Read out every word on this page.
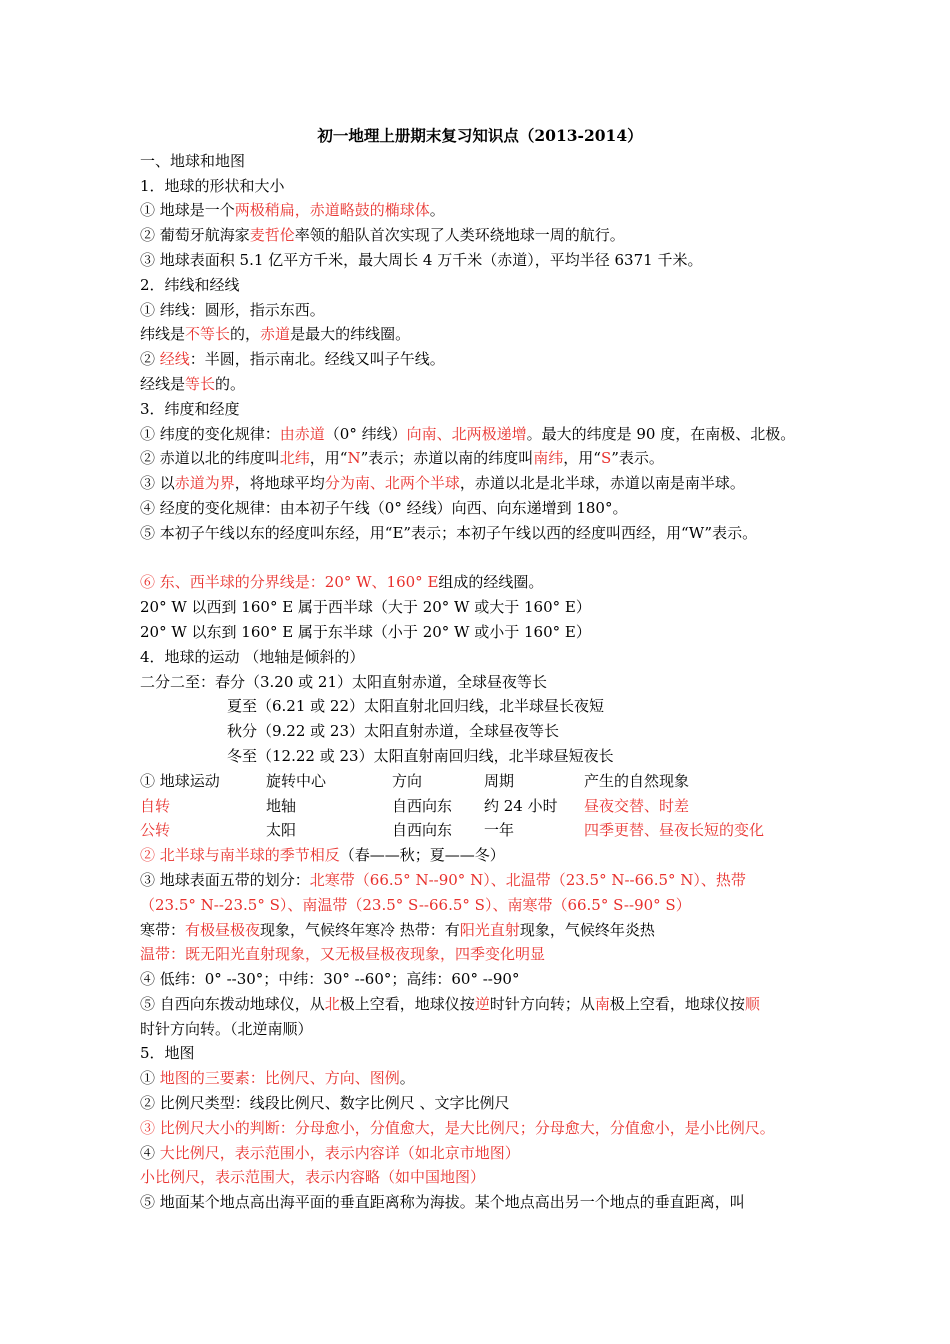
初一地理上册期末复习知识点（2013-2014）
一、地球和地图
1．地球的形状和大小
① 地球是一个两极稍扁，赤道略鼓的椭球体。
② 葡萄牙航海家麦哲伦率领的船队首次实现了人类环绕地球一周的航行。
③ 地球表面积 5.1 亿平方千米，最大周长 4 万千米（赤道），平均半径 6371 千米。
2．纬线和经线
① 纬线：圆形，指示东西。
纬线是不等长的，赤道是最大的纬线圈。
② 经线：半圆，指示南北。经线又叫子午线。
经线是等长的。
3．纬度和经度
① 纬度的变化规律：由赤道（0° 纬线）向南、北两极递增。最大的纬度是 90 度，在南极、北极。
② 赤道以北的纬度叫北纬，用“N”表示；赤道以南的纬度叫南纬，用“S”表示。
③ 以赤道为界，将地球平均分为南、北两个半球，赤道以北是北半球，赤道以南是南半球。
④ 经度的变化规律：由本初子午线（0° 经线）向西、向东递增到 180°。
⑤ 本初子午线以东的经度叫东经，用“E”表示；本初子午线以西的经度叫西经，用“W”表示。
⑥ 东、西半球的分界线是：20° W、160° E组成的经线圈。
20° W 以西到 160° E 属于西半球（大于 20° W 或大于 160° E）
20° W 以东到 160° E 属于东半球（小于 20° W 或小于 160° E）
4．地球的运动 （地轴是倾斜的）
二分二至：春分（3.20 或 21）太阳直射赤道，全球昼夜等长
夏至（6.21 或 22）太阳直射北回归线，北半球昼长夜短
秋分（9.22 或 23）太阳直射赤道，全球昼夜等长
冬至（12.22 或 23）太阳直射南回归线，北半球昼短夜长
① 地球运动	旋转中心	方向	周期	产生的自然现象
自转	地轴	自西向东	约 24 小时	昼夜交替、时差
公转	太阳	自西向东	一年	四季更替、昼夜长短的变化
② 北半球与南半球的季节相反（春——秋；夏——冬）
③ 地球表面五带的划分：北寒带（66.5° N--90° N）、北温带（23.5° N--66.5° N）、热带
（23.5° N--23.5° S）、南温带（23.5° S--66.5° S）、南寒带（66.5° S--90° S）
寒带：有极昼极夜现象，气候终年寒冷 热带：有阳光直射现象，气候终年炎热
温带：既无阳光直射现象，又无极昼极夜现象，四季变化明显
④ 低纬：0° --30°；中纬：30° --60°；高纬：60° --90°
⑤ 自西向东拨动地球仪，从北极上空看，地球仪按逆时针方向转；从南极上空看，地球仪按顺
时针方向转。（北逆南顺）
5．地图
① 地图的三要素：比例尺、方向、图例。
② 比例尺类型：线段比例尺、数字比例尺 、文字比例尺
③ 比例尺大小的判断：分母愈小，分值愈大，是大比例尺；分母愈大，分值愈小，是小比例尺。
④ 大比例尺，表示范围小，表示内容详（如北京市地图）
小比例尺，表示范围大，表示内容略（如中国地图）
⑤ 地面某个地点高出海平面的垂直距离称为海拔。某个地点高出另一个地点的垂直距离，叫
